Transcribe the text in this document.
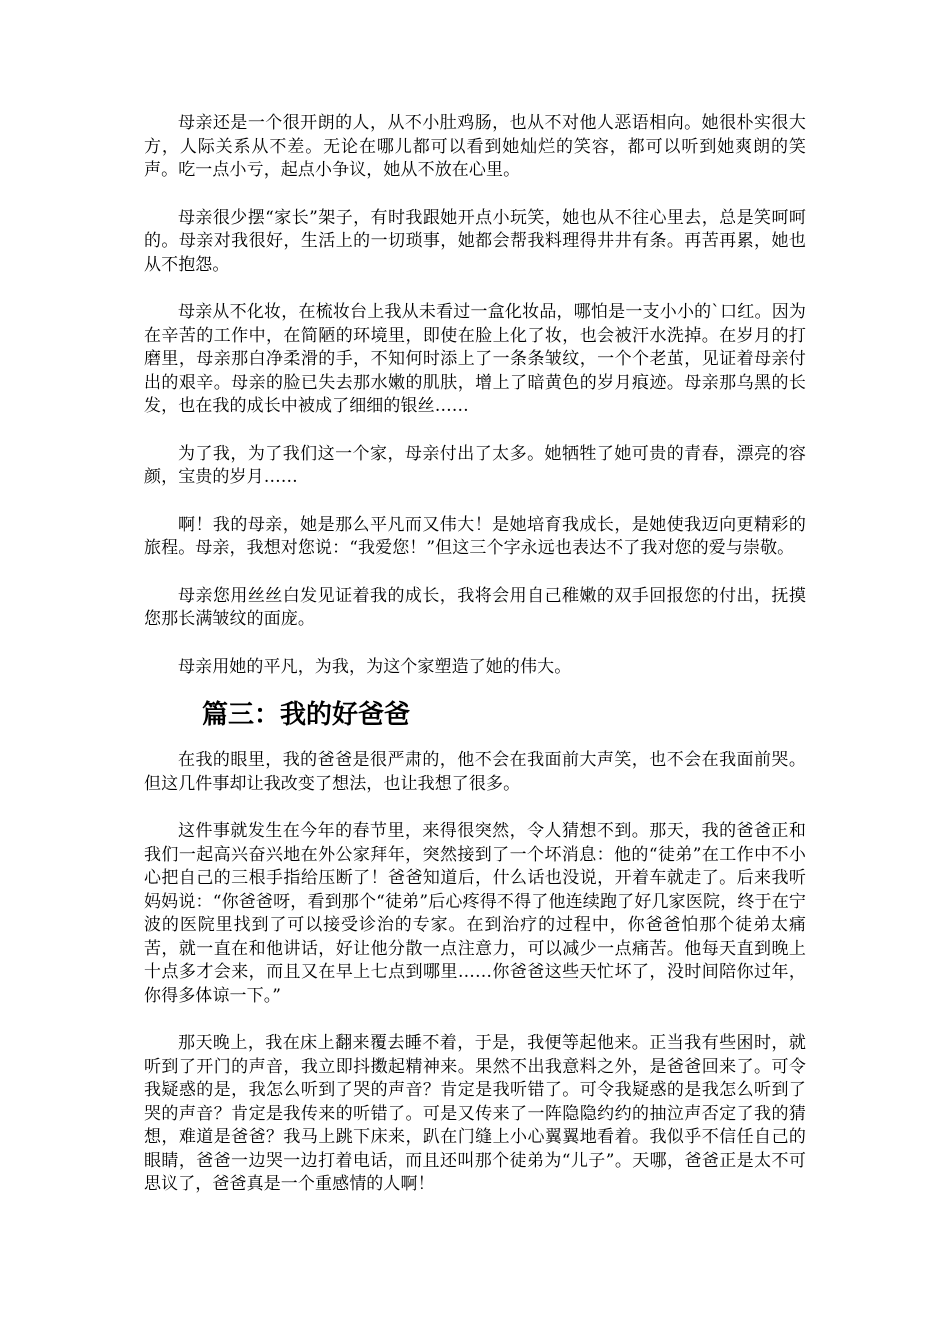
母亲还是一个很开朗的人，从不小肚鸡肠，也从不对他人恶语相向。她很朴实很大方，人际关系从不差。无论在哪儿都可以看到她灿烂的笑容，都可以听到她爽朗的笑声。吃一点小亏，起点小争议，她从不放在心里。

母亲很少摆“家长”架子，有时我跟她开点小玩笑，她也从不往心里去，总是笑呵呵的。母亲对我很好，生活上的一切琐事，她都会帮我料理得井井有条。再苦再累，她也从不抱怨。

母亲从不化妆，在梳妆台上我从未看过一盒化妆品，哪怕是一支小小的`口红。因为在辛苦的工作中，在简陋的环境里，即使在脸上化了妆，也会被汗水洗掉。在岁月的打磨里，母亲那白净柔滑的手，不知何时添上了一条条皱纹，一个个老茧，见证着母亲付出的艰辛。母亲的脸已失去那水嫩的肌肤，增上了暗黄色的岁月痕迹。母亲那乌黑的长发，也在我的成长中被成了细细的银丝……

为了我，为了我们这一个家，母亲付出了太多。她牺牲了她可贵的青春，漂亮的容颜，宝贵的岁月……

啊！我的母亲，她是那么平凡而又伟大！是她培育我成长，是她使我迈向更精彩的旅程。母亲，我想对您说：“我爱您！”但这三个字永远也表达不了我对您的爱与崇敬。

母亲您用丝丝白发见证着我的成长，我将会用自己稚嫩的双手回报您的付出，抚摸您那长满皱纹的面庞。

母亲用她的平凡，为我，为这个家塑造了她的伟大。

篇三：我的好爸爸

在我的眼里，我的爸爸是很严肃的，他不会在我面前大声笑，也不会在我面前哭。但这几件事却让我改变了想法，也让我想了很多。

这件事就发生在今年的春节里，来得很突然，令人猜想不到。那天，我的爸爸正和我们一起高兴奋兴地在外公家拜年，突然接到了一个坏消息：他的“徒弟”在工作中不小心把自己的三根手指给压断了！爸爸知道后，什么话也没说，开着车就走了。后来我听妈妈说：“你爸爸呀，看到那个“徒弟”后心疼得不得了他连续跑了好几家医院，终于在宁波的医院里找到了可以接受诊治的专家。在到治疗的过程中，你爸爸怕那个徒弟太痛苦，就一直在和他讲话，好让他分散一点注意力，可以减少一点痛苦。他每天直到晚上十点多才会来，而且又在早上七点到哪里……你爸爸这些天忙坏了，没时间陪你过年，你得多体谅一下。”

那天晚上，我在床上翻来覆去睡不着，于是，我便等起他来。正当我有些困时，就听到了开门的声音，我立即抖擞起精神来。果然不出我意料之外，是爸爸回来了。可令我疑惑的是，我怎么听到了哭的声音？肯定是我听错了。可令我疑惑的是我怎么听到了哭的声音？肯定是我传来的听错了。可是又传来了一阵隐隐约约的抽泣声否定了我的猜想，难道是爸爸？我马上跳下床来，趴在门缝上小心翼翼地看着。我似乎不信任自己的眼睛，爸爸一边哭一边打着电话，而且还叫那个徒弟为“儿子”。天哪，爸爸正是太不可思议了，爸爸真是一个重感情的人啊！
